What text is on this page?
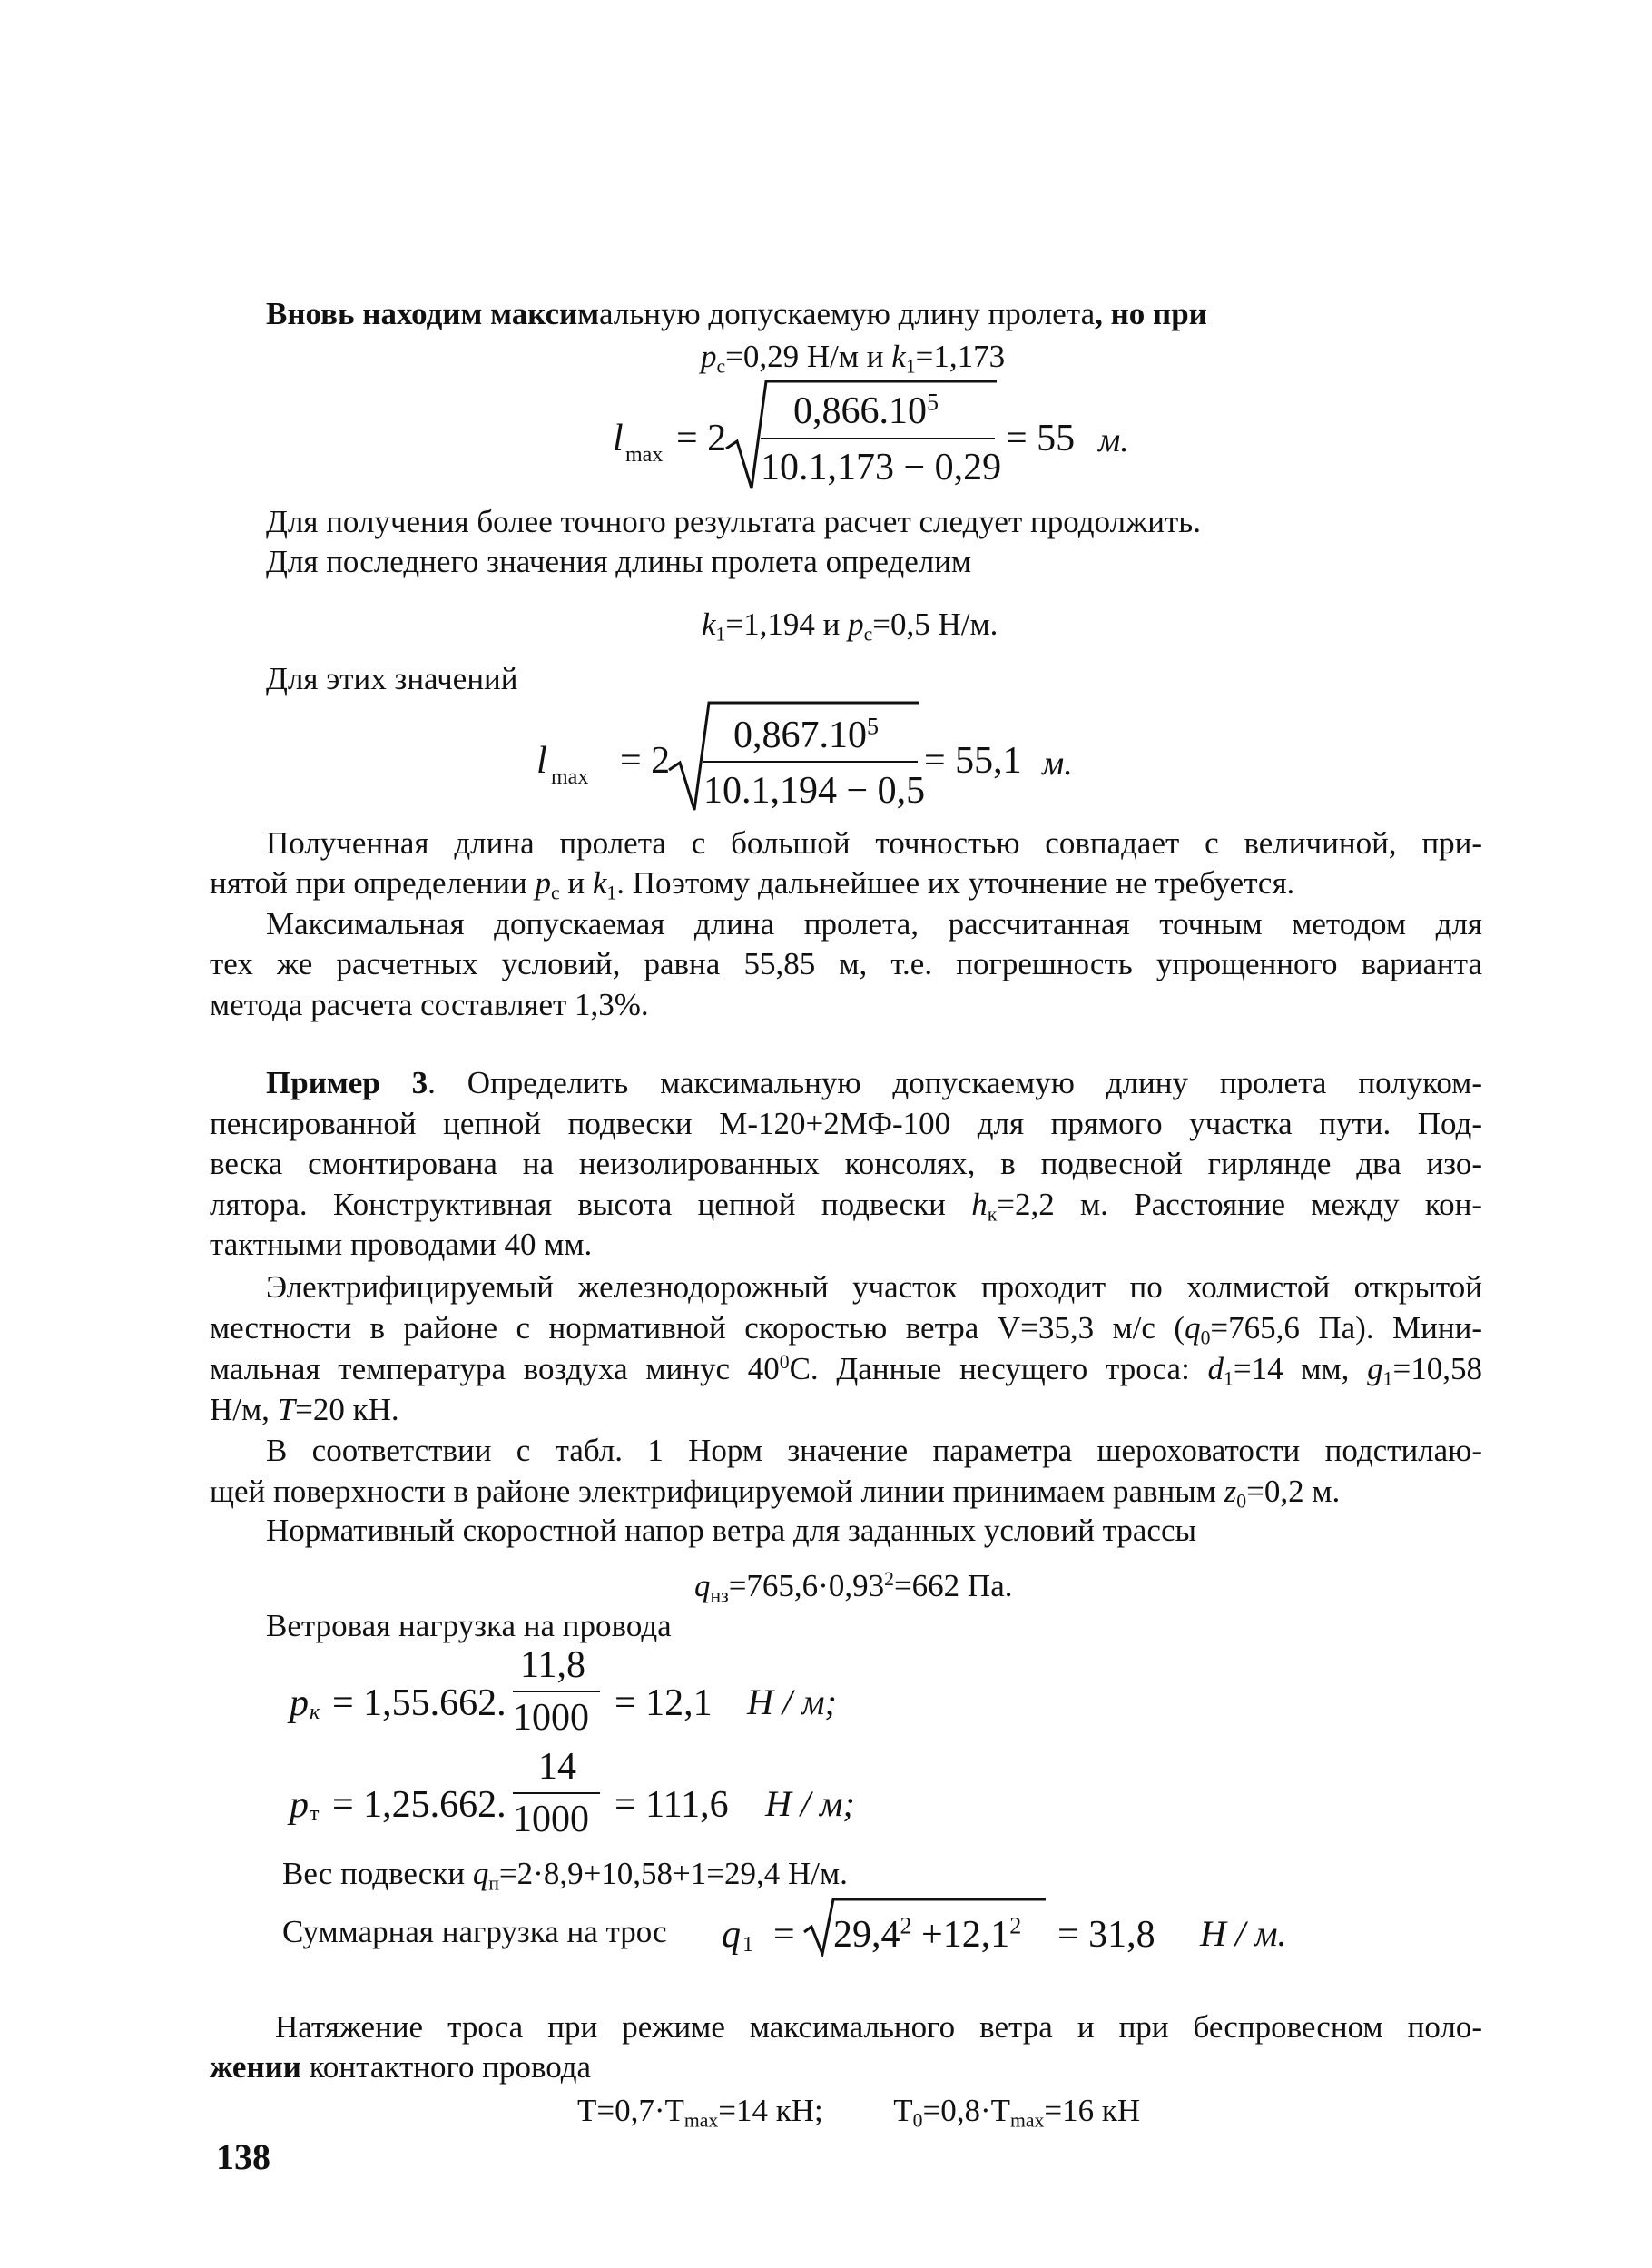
Вновь находим максимальную допускаемую длину пролета, но при
$p_c=0,29$ Н/м и $k_1=1,173$
l max = 2
0,866.10$^5$
10.1,173 − 0,29
= 55 м.
Для получения более точного результата расчет следует продолжить.
Для последнего значения длины пролета определим
$k_1=1,194$ и $p_c=0,5$ Н/м.
Для этих значений
l max = 2
0,867.10$^5$
10.1,194 − 0,5
= 55,1 м.
Полученная длина пролета с большой точностью совпадает с величиной, при-
нятой при определении $p_c$ и $k_1$. Поэтому дальнейшее их уточнение не требуется.
Максимальная допускаемая длина пролета, рассчитанная точным методом для
тех же расчетных условий, равна 55,85 м, т.е. погрешность упрощенного варианта
метода расчета составляет 1,3%.
Пример 3. Определить максимальную допускаемую длину пролета полуком-
пенсированной цепной подвески М-120+2МФ-100 для прямого участка пути. Под-
веска смонтирована на неизолированных консолях, в подвесной гирлянде два изо-
лятора. Конструктивная высота цепной подвески $h_к=2,2$ м. Расстояние между кон-
тактными проводами 40 мм.
Электрифицируемый железнодорожный участок проходит по холмистой открытой
местности в районе с нормативной скоростью ветра V=35,3 м/с ($q_0=765,6$ Па). Мини-
мальная температура воздуха минус $40^0С$. Данные несущего троса: $d_1=14$ мм, $g_1=10,58$
Н/м, T=20 кН.
В соответствии с табл. 1 Норм значение параметра шероховатости подстилаю-
щей поверхности в районе электрифицируемой линии принимаем равным $z_0=0,2$ м.
Нормативный скоростной напор ветра для заданных условий трассы
$q_{нз}=765,6\cdot 0,93^2=662$ Па.
Ветровая нагрузка на провода
p к = 1,55.662.
11,8
1000 = 12,1 Н / м;
p т = 1,25.662.
14
1000 = 111,6 Н / м;
Вес подвески $q_п=2\cdot 8,9+10,58+1=29,4$ Н/м.
Суммарная нагрузка на трос q $1 = 29,4^2 +12,1^2 = 31,8$ Н / м.
Натяжение троса при режиме максимального ветра и при беспровесном поло-
жении контактного провода
$T=0,7\cdot T_{max}=14$ кН; $T_0=0,8\cdot T_{max}=16$ кН
138
